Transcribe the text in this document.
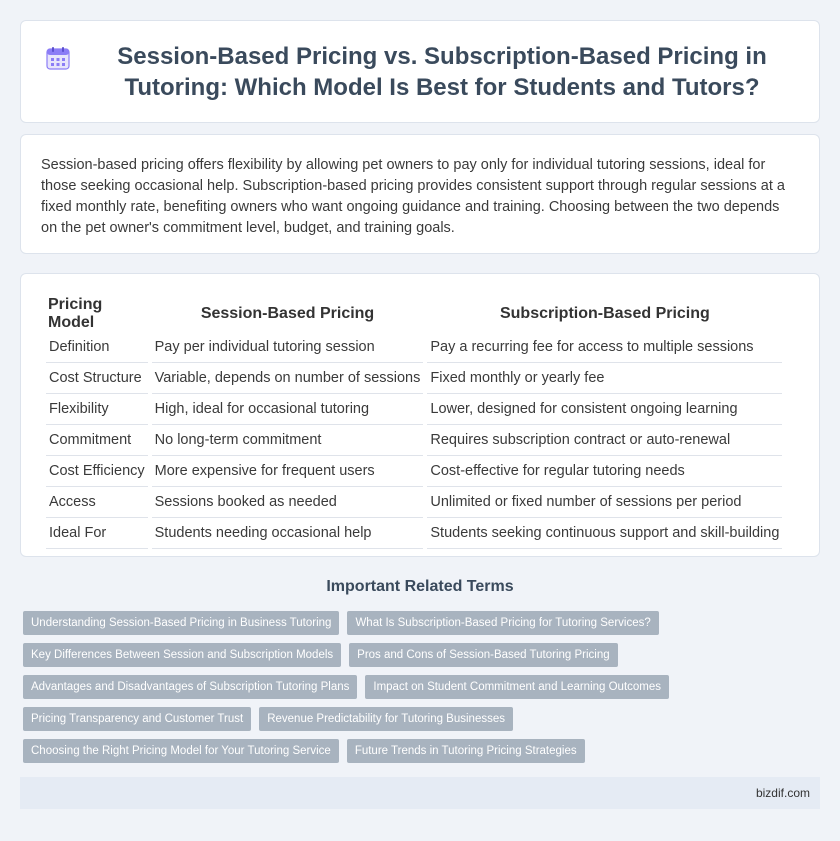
Session-Based Pricing vs. Subscription-Based Pricing in Tutoring: Which Model Is Best for Students and Tutors?

Session-based pricing offers flexibility by allowing pet owners to pay only for individual tutoring sessions, ideal for those seeking occasional help. Subscription-based pricing provides consistent support through regular sessions at a fixed monthly rate, benefiting owners who want ongoing guidance and training. Choosing between the two depends on the pet owner's commitment level, budget, and training goals.

Pricing Model	Session-Based Pricing	Subscription-Based Pricing
Definition	Pay per individual tutoring session	Pay a recurring fee for access to multiple sessions
Cost Structure	Variable, depends on number of sessions	Fixed monthly or yearly fee
Flexibility	High, ideal for occasional tutoring	Lower, designed for consistent ongoing learning
Commitment	No long-term commitment	Requires subscription contract or auto-renewal
Cost Efficiency	More expensive for frequent users	Cost-effective for regular tutoring needs
Access	Sessions booked as needed	Unlimited or fixed number of sessions per period
Ideal For	Students needing occasional help	Students seeking continuous support and skill-building
Important Related Terms
Understanding Session-Based Pricing in Business Tutoring	What Is Subscription-Based Pricing for Tutoring Services?
Key Differences Between Session and Subscription Models	Pros and Cons of Session-Based Tutoring Pricing
Advantages and Disadvantages of Subscription Tutoring Plans	Impact on Student Commitment and Learning Outcomes
Pricing Transparency and Customer Trust	Revenue Predictability for Tutoring Businesses
Choosing the Right Pricing Model for Your Tutoring Service	Future Trends in Tutoring Pricing Strategies
bizdif.com
